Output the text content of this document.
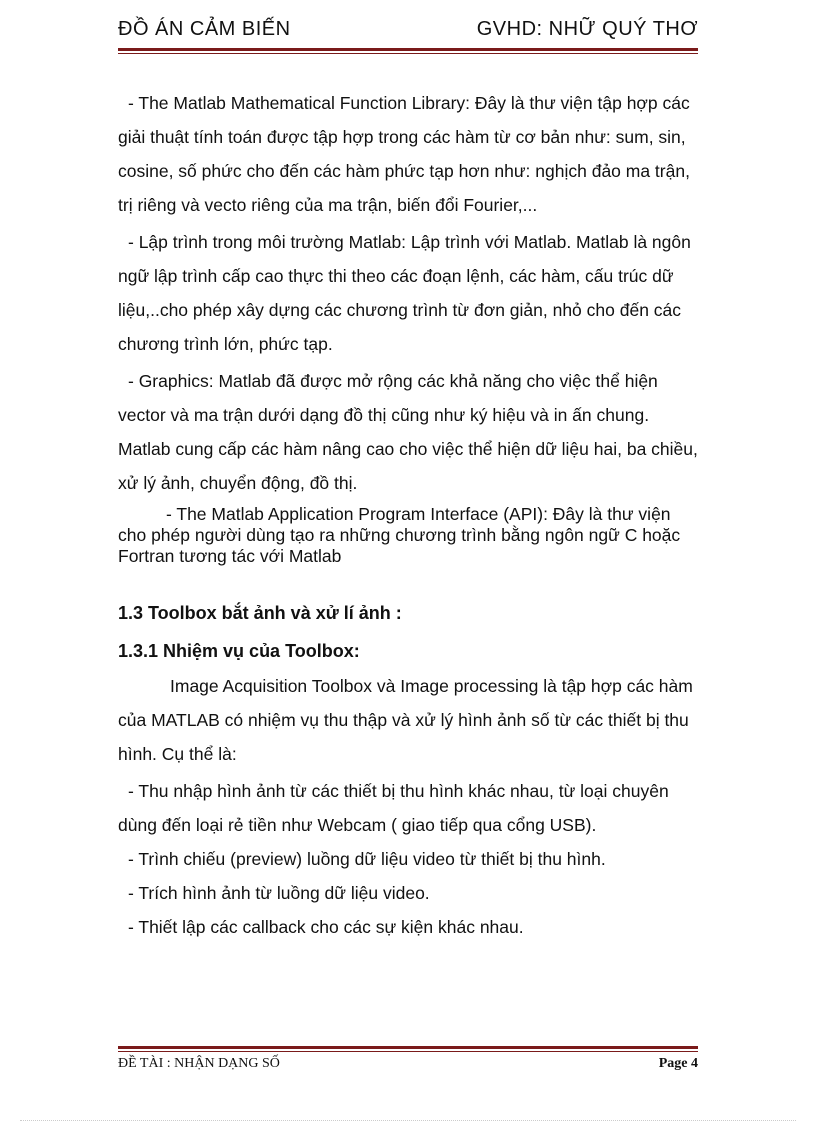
ĐỒ ÁN CẢM BIẾN	GVHD: NHỮ QUÝ THƠ

- The Matlab Mathematical Function Library: Đây là thư viện tập hợp các giải thuật tính toán được tập hợp trong các hàm từ cơ bản như: sum, sin, cosine, số phức cho đến các hàm phức tạp hơn như: nghịch đảo ma trận, trị riêng và vecto riêng của ma trận, biến đổi Fourier,...

- Lập trình trong môi trường Matlab: Lập trình với Matlab. Matlab là ngôn ngữ lập trình cấp cao thực thi theo các đoạn lệnh, các hàm, cấu trúc dữ liệu,..cho phép xây dựng các chương trình từ đơn giản, nhỏ cho đến các chương trình lớn, phức tạp.

- Graphics: Matlab đã được mở rộng các khả năng cho việc thể hiện vector và ma trận dưới dạng đồ thị cũng như ký hiệu và in ấn chung. Matlab cung cấp các hàm nâng cao cho việc thể hiện dữ liệu hai, ba chiều, xử lý ảnh, chuyển động, đồ thị.

- The Matlab Application Program Interface (API): Đây là thư viện cho phép người dùng tạo ra những chương trình bằng ngôn ngữ C hoặc Fortran tương tác với Matlab

1.3 Toolbox bắt ảnh và xử lí ảnh :

1.3.1 Nhiệm vụ của Toolbox:

Image Acquisition Toolbox và Image processing là tập hợp các hàm của MATLAB có nhiệm vụ thu thập và xử lý hình ảnh số từ các thiết bị thu hình. Cụ thể là:

- Thu nhập hình ảnh từ các thiết bị thu hình khác nhau, từ loại chuyên dùng đến loại rẻ tiền như Webcam ( giao tiếp qua cổng USB).

- Trình chiếu (preview) luồng dữ liệu video từ thiết bị thu hình.

- Trích hình ảnh từ luồng dữ liệu video.

- Thiết lập các callback cho các sự kiện khác nhau.

ĐỀ TÀI : NHẬN DẠNG SỐ	Page 4
